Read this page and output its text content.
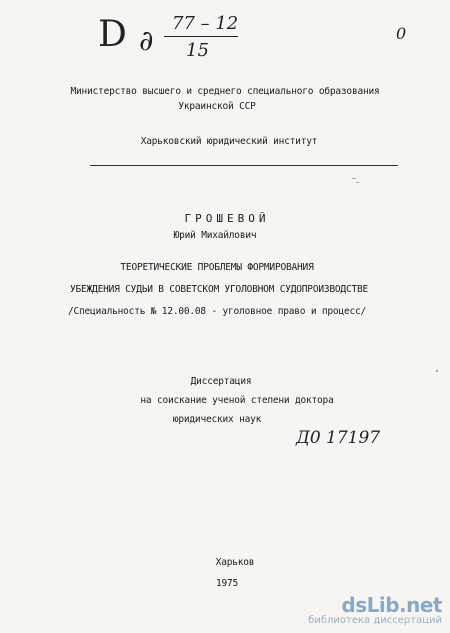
D ∂
77 – 12
15
0
Министерство высшего и среднего специального образования
Украинской ССР
Харьковский юридический институт
ГРОШЕВОЙ
Юрий Михайлович
ТЕОРЕТИЧЕСКИЕ ПРОБЛЕМЫ ФОРМИРОВАНИЯ
УБЕЖДЕНИЯ СУДЬИ В СОВЕТСКОМ УГОЛОВНОМ СУДОПРОИЗВОДСТВЕ
/Специальность № 12.00.08 - уголовное право и процесс/
Диссертация
на соискание ученой степени доктора
юридических наук
Д0 17197
Харьков
1975
dsLib.net
библиотека диссертаций
